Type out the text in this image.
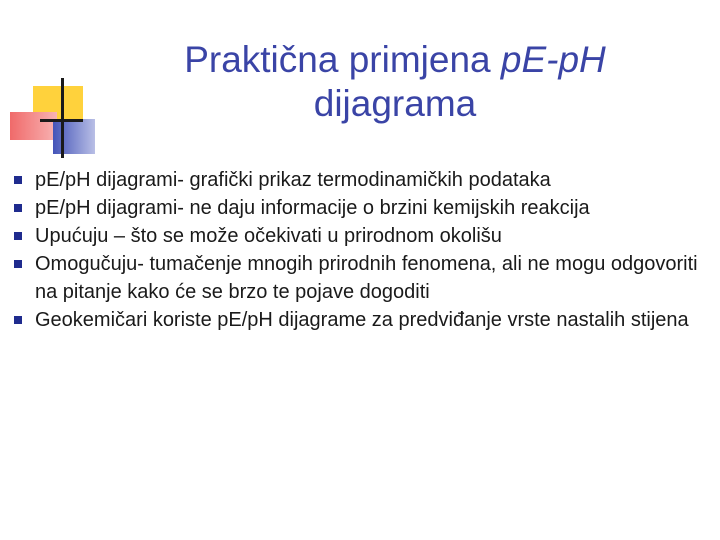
Praktična primjena pE-pH
dijagrama
pE/pH dijagrami- grafički prikaz termodinamičkih podataka
pE/pH dijagrami- ne daju informacije o brzini kemijskih reakcija
Upućuju – što se može očekivati u prirodnom okolišu
Omogučuju- tumačenje mnogih prirodnih fenomena, ali ne mogu odgovoriti na pitanje kako će se brzo te pojave dogoditi
Geokemičari koriste pE/pH dijagrame za predviđanje vrste nastalih stijena
